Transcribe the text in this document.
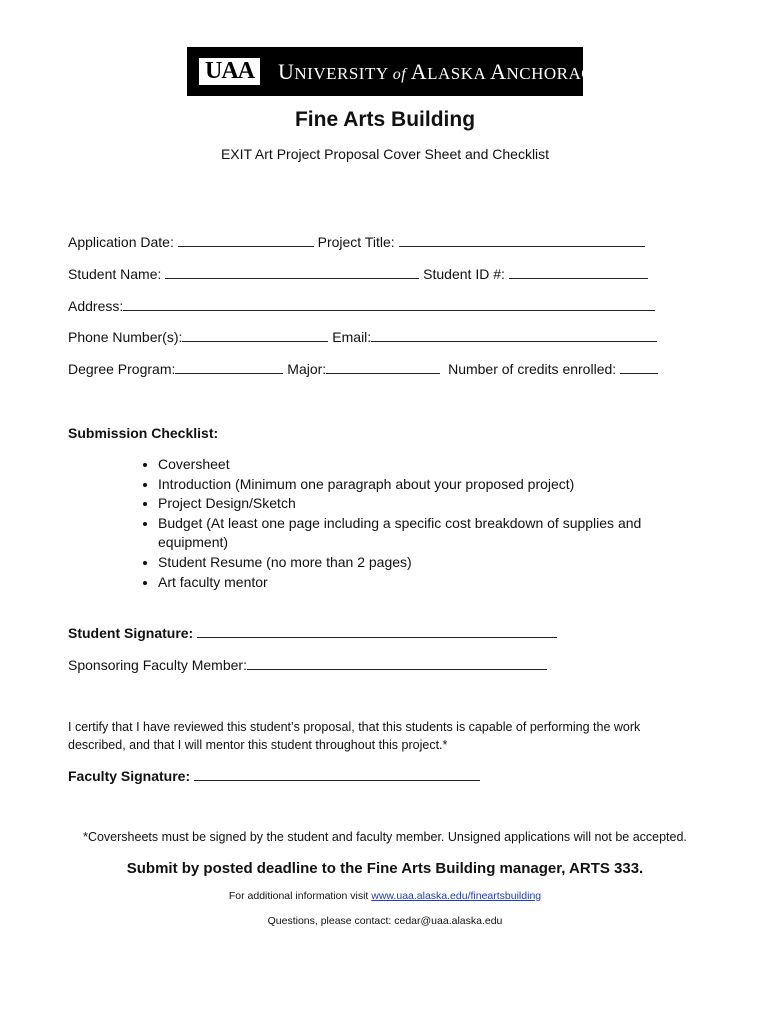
UAA UNIVERSITY of ALASKA ANCHORAGE
Fine Arts Building
EXIT Art Project Proposal Cover Sheet and Checklist
Application Date:	Project Title:
Student Name:	Student ID #:
Address:
Phone Number(s):	Email:
Degree Program:	Major:	Number of credits enrolled:
Submission Checklist:
• Coversheet
• Introduction (Minimum one paragraph about your proposed project)
• Project Design/Sketch
• Budget (At least one page including a specific cost breakdown of supplies and equipment)
• Student Resume (no more than 2 pages)
• Art faculty mentor
Student Signature:
Sponsoring Faculty Member:
I certify that I have reviewed this student’s proposal, that this students is capable of performing the work described, and that I will mentor this student throughout this project.*
Faculty Signature:
*Coversheets must be signed by the student and faculty member. Unsigned applications will not be accepted.
Submit by posted deadline to the Fine Arts Building manager, ARTS 333.
For additional information visit www.uaa.alaska.edu/fineartsbuilding
Questions, please contact: cedar@uaa.alaska.edu
